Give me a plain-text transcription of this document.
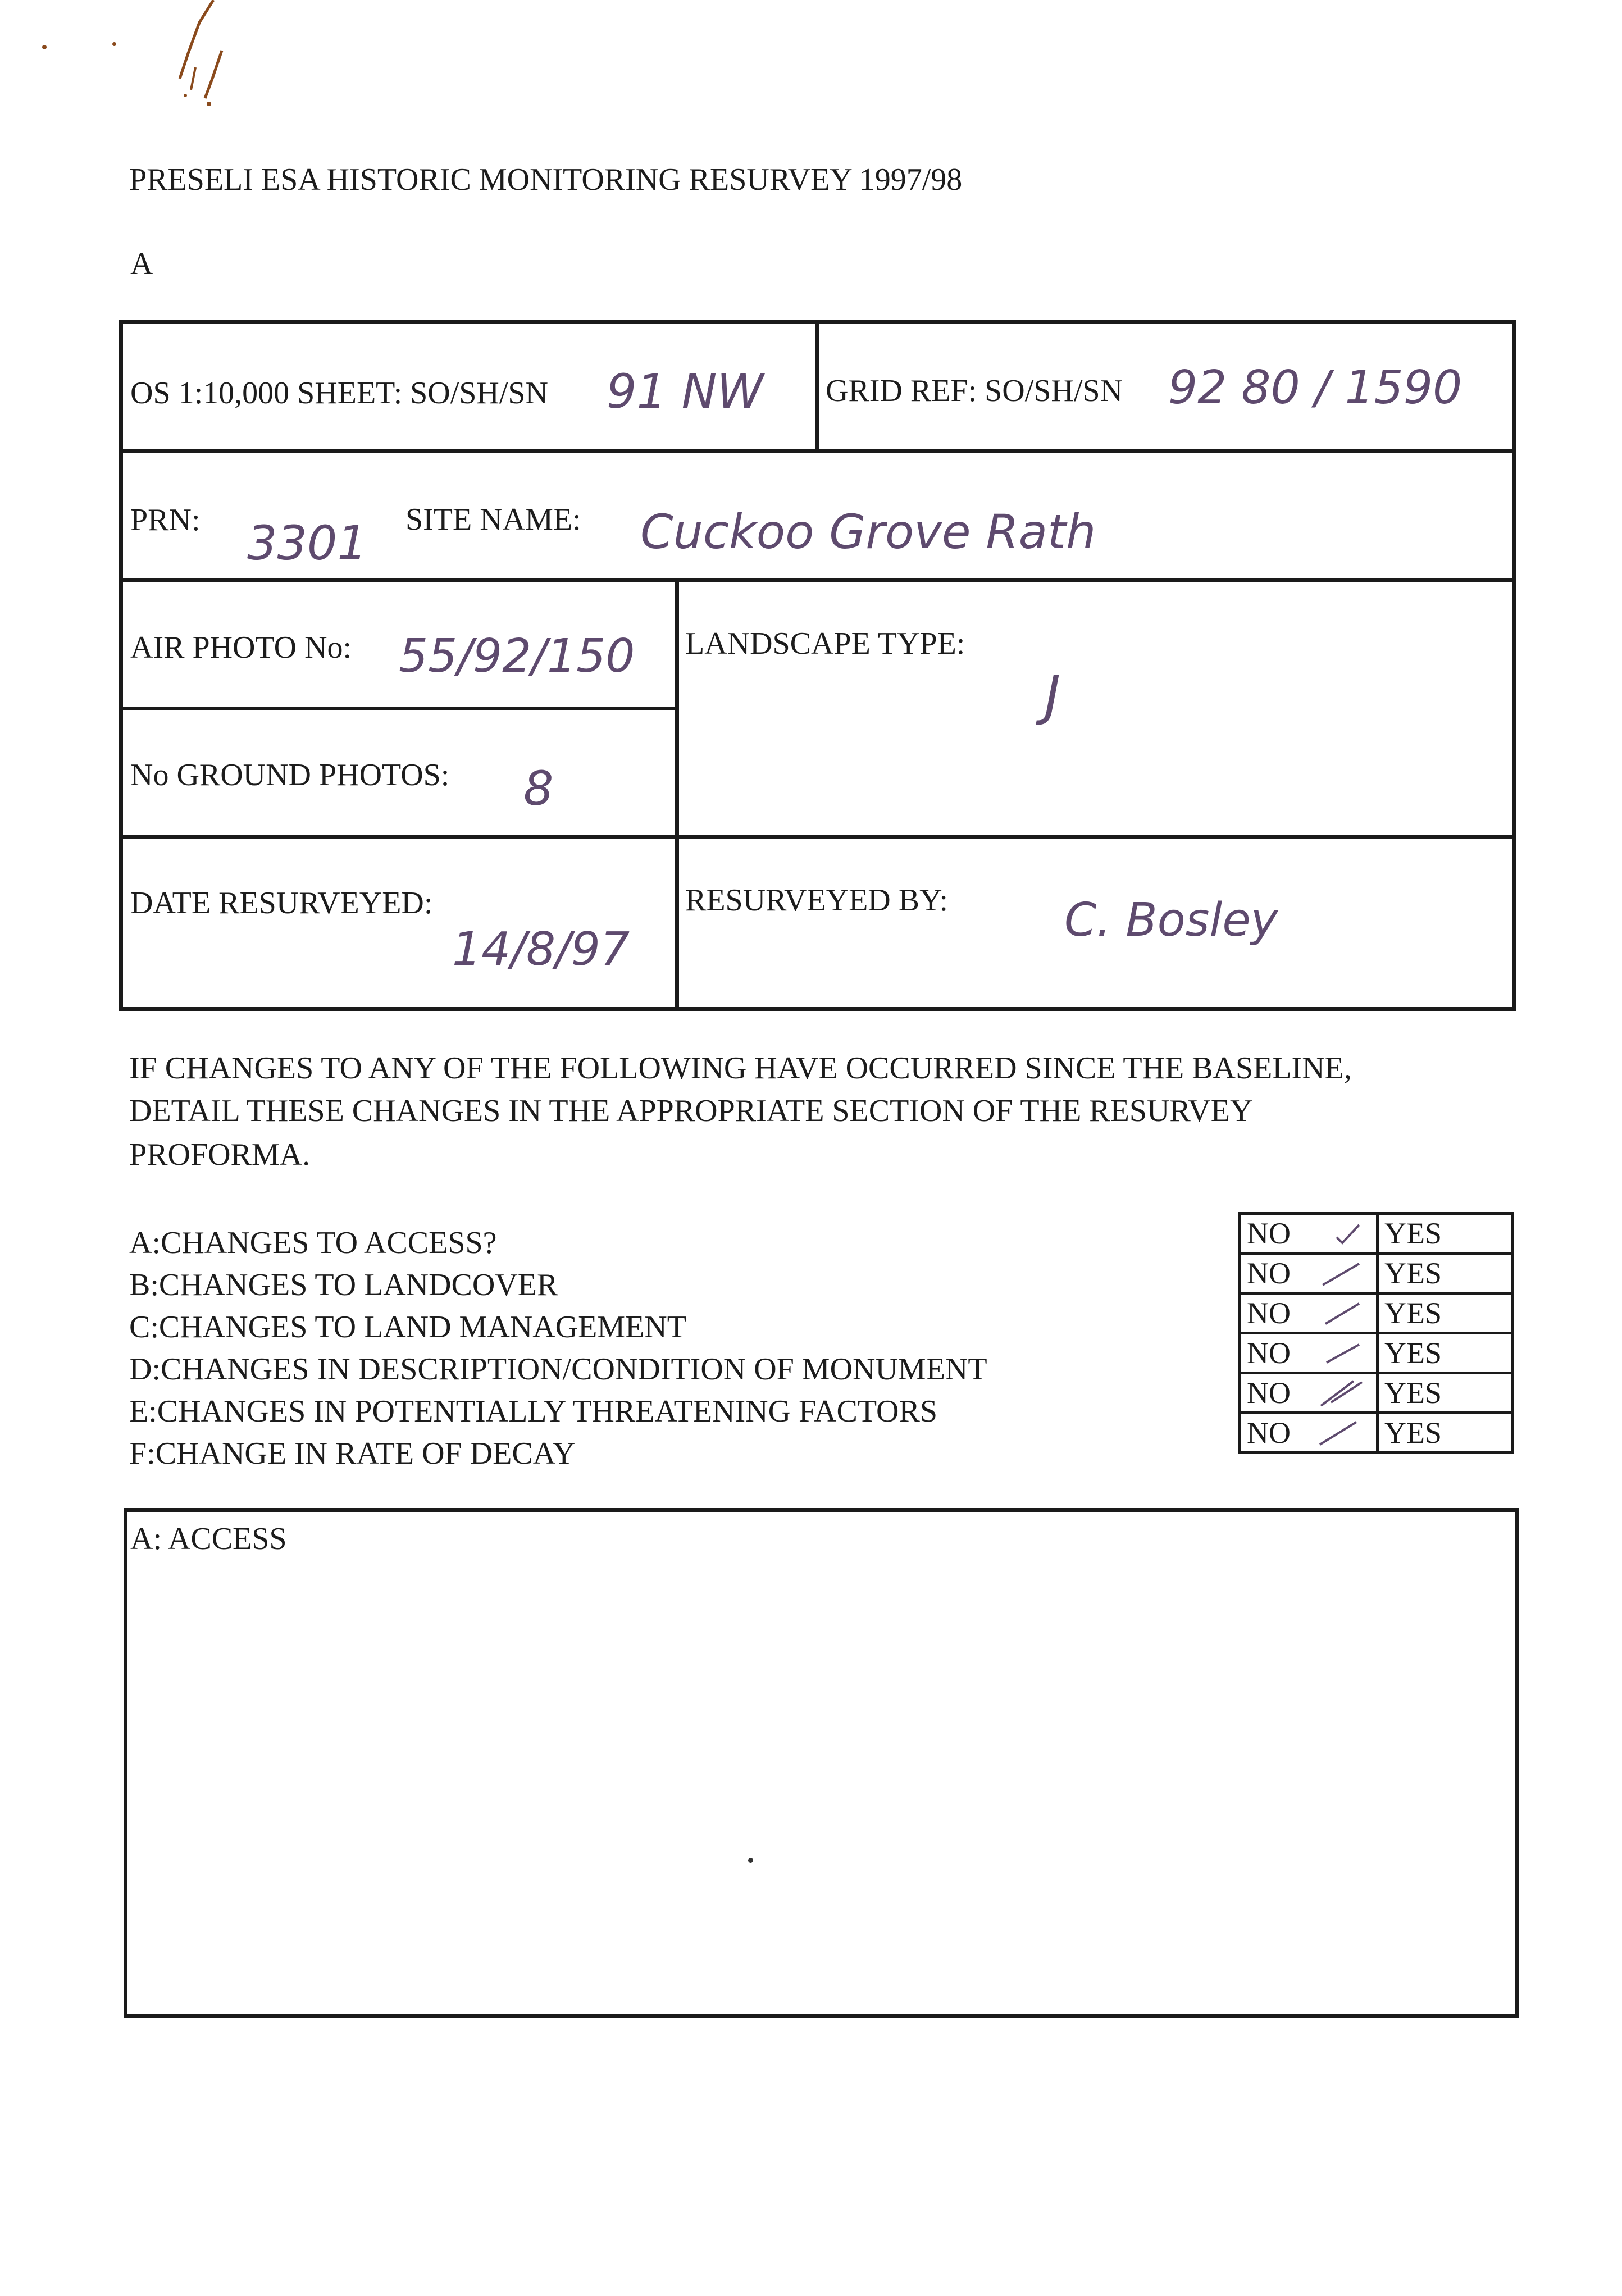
PRESELI ESA HISTORIC MONITORING RESURVEY 1997/98
A
OS 1:10,000 SHEET: SO/SH/SN 91 NW GRID REF: SO/SH/SN 92 80 / 1590
PRN: 3301 SITE NAME: Cuckoo Grove Rath
AIR PHOTO No: 55/92/150 LANDSCAPE TYPE:
J
No GROUND PHOTOS: 8
DATE RESURVEYED:
14/8/97
RESURVEYED BY:	C. Bosley
IF CHANGES TO ANY OF THE FOLLOWING HAVE OCCURRED SINCE THE BASELINE,
DETAIL THESE CHANGES IN THE APPROPRIATE SECTION OF THE RESURVEY
PROFORMA.
A:CHANGES TO ACCESS?
B:CHANGES TO LANDCOVER
C:CHANGES TO LAND MANAGEMENT
D:CHANGES IN DESCRIPTION/CONDITION OF MONUMENT
E:CHANGES IN POTENTIALLY THREATENING FACTORS
F:CHANGE IN RATE OF DECAY
NO	YES
NO	YES
NO	YES
NO	YES
NO	YES
NO	YES
A: ACCESS
